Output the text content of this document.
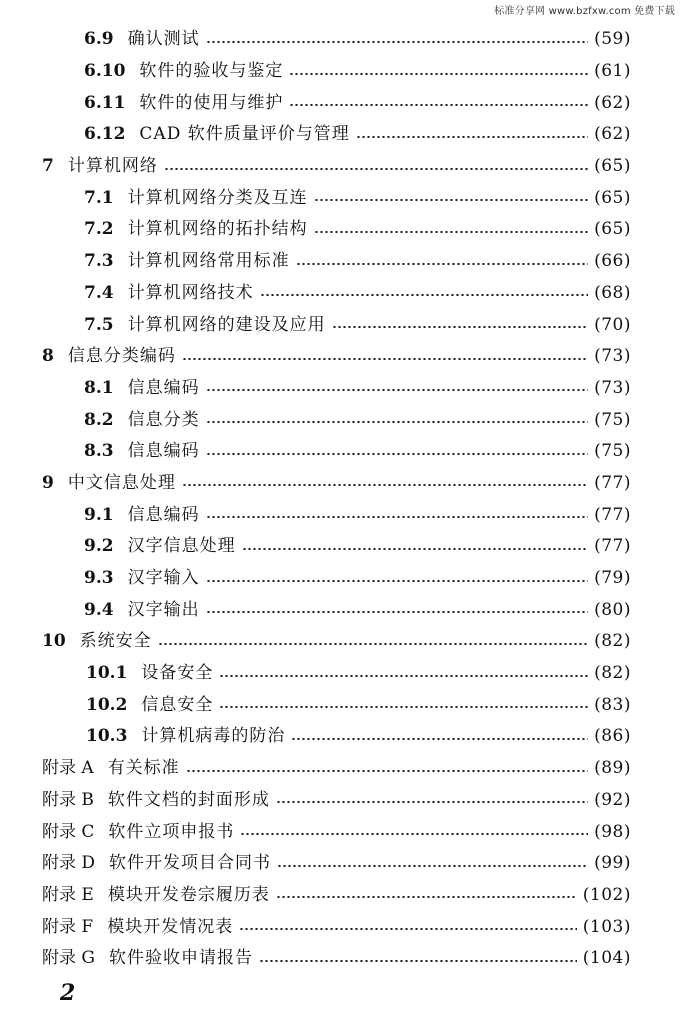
标准分享网 www.bzfxw.com 免费下载
6.9 确认测试	(59)
6.10 软件的验收与鉴定	(61)
6.11 软件的使用与维护	(62)
6.12 CAD 软件质量评价与管理	(62)
7 计算机网络	(65)
7.1 计算机网络分类及互连	(65)
7.2 计算机网络的拓扑结构	(65)
7.3 计算机网络常用标准	(66)
7.4 计算机网络技术	(68)
7.5 计算机网络的建设及应用	(70)
8 信息分类编码	(73)
8.1 信息编码	(73)
8.2 信息分类	(75)
8.3 信息编码	(75)
9 中文信息处理	(77)
9.1 信息编码	(77)
9.2 汉字信息处理	(77)
9.3 汉字输入	(79)
9.4 汉字输出	(80)
10 系统安全	(82)
10.1 设备安全	(82)
10.2 信息安全	(83)
10.3 计算机病毒的防治	(86)
附录 A 有关标准	(89)
附录 B 软件文档的封面形成	(92)
附录 C 软件立项申报书	(98)
附录 D 软件开发项目合同书	(99)
附录 E 模块开发卷宗履历表	(102)
附录 F 模块开发情况表	(103)
附录 G 软件验收申请报告	(104)
2
